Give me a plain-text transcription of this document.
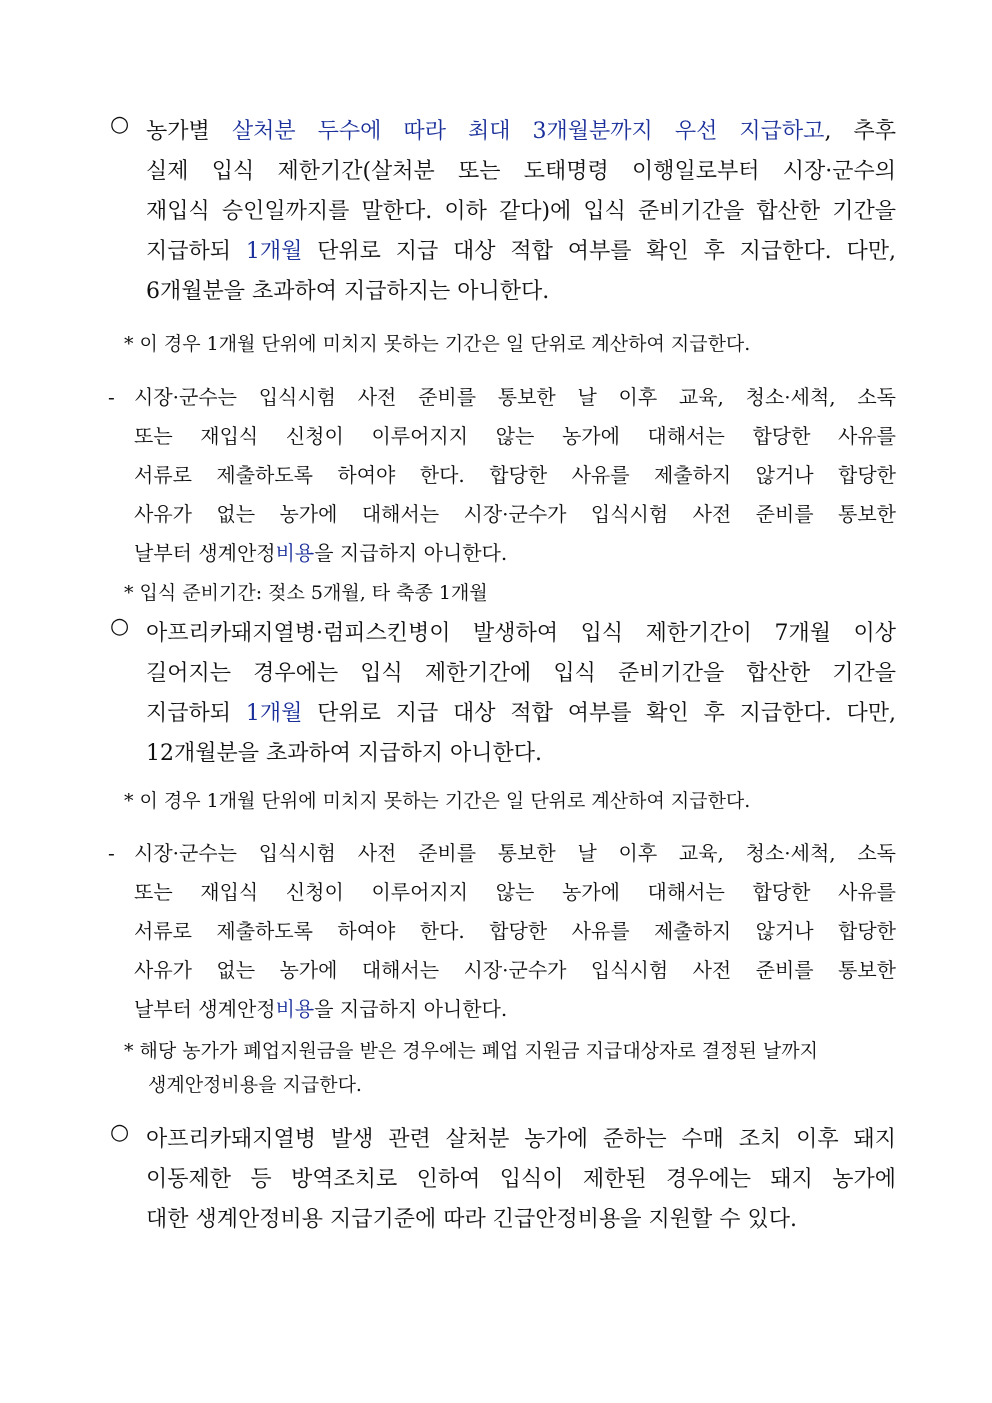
○ 농가별 살처분 두수에 따라 최대 3개월분까지 우선 지급하고, 추후
실제 입식 제한기간(살처분 또는 도태명령 이행일로부터 시장·군수의
재입식 승인일까지를 말한다. 이하 같다)에 입식 준비기간을 합산한 기간을
지급하되 1개월 단위로 지급 대상 적합 여부를 확인 후 지급한다. 다만,
6개월분을 초과하여 지급하지는 아니한다.
* 이 경우 1개월 단위에 미치지 못하는 기간은 일 단위로 계산하여 지급한다.
- 시장·군수는 입식시험 사전 준비를 통보한 날 이후 교육, 청소·세척, 소독
또는 재입식 신청이 이루어지지 않는 농가에 대해서는 합당한 사유를
서류로 제출하도록 하여야 한다. 합당한 사유를 제출하지 않거나 합당한
사유가 없는 농가에 대해서는 시장·군수가 입식시험 사전 준비를 통보한
날부터 생계안정비용을 지급하지 아니한다.
* 입식 준비기간: 젖소 5개월, 타 축종 1개월
○ 아프리카돼지열병·럼피스킨병이 발생하여 입식 제한기간이 7개월 이상
길어지는 경우에는 입식 제한기간에 입식 준비기간을 합산한 기간을
지급하되 1개월 단위로 지급 대상 적합 여부를 확인 후 지급한다. 다만,
12개월분을 초과하여 지급하지 아니한다.
* 이 경우 1개월 단위에 미치지 못하는 기간은 일 단위로 계산하여 지급한다.
- 시장·군수는 입식시험 사전 준비를 통보한 날 이후 교육, 청소·세척, 소독
또는 재입식 신청이 이루어지지 않는 농가에 대해서는 합당한 사유를
서류로 제출하도록 하여야 한다. 합당한 사유를 제출하지 않거나 합당한
사유가 없는 농가에 대해서는 시장·군수가 입식시험 사전 준비를 통보한
날부터 생계안정비용을 지급하지 아니한다.
* 해당 농가가 폐업지원금을 받은 경우에는 폐업 지원금 지급대상자로 결정된 날까지
생계안정비용을 지급한다.
○ 아프리카돼지열병 발생 관련 살처분 농가에 준하는 수매 조치 이후 돼지
이동제한 등 방역조치로 인하여 입식이 제한된 경우에는 돼지 농가에
대한 생계안정비용 지급기준에 따라 긴급안정비용을 지원할 수 있다.
